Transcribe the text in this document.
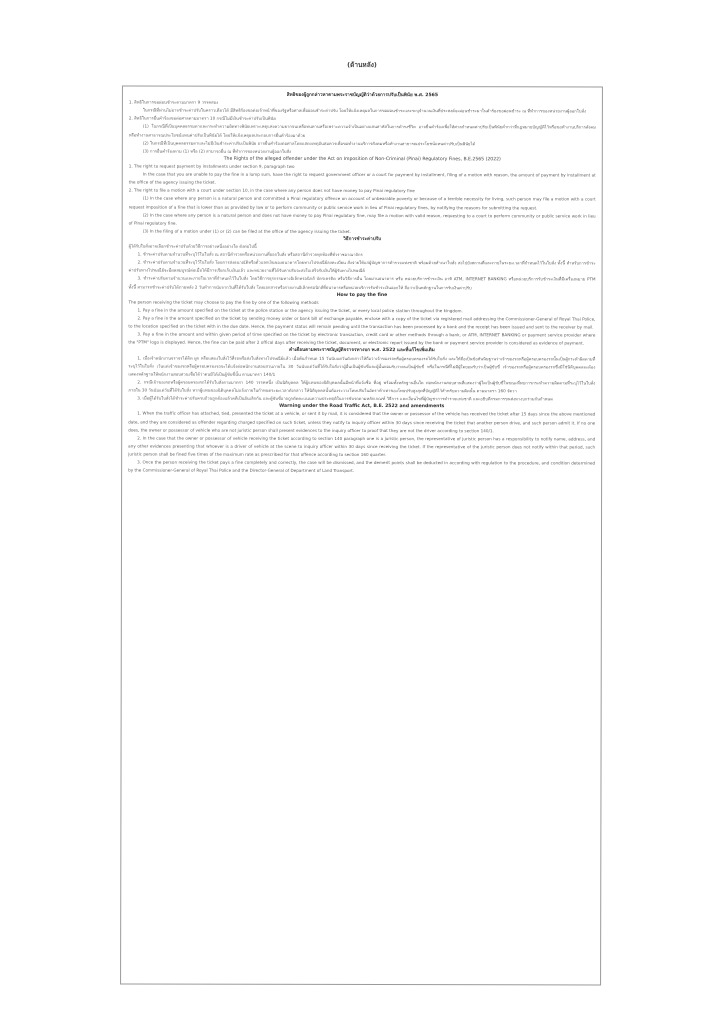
(ด้านหลัง)
สิทธิของผู้ถูกกล่าวหาตามพระราชบัญญัติว่าด้วยการปรับเป็นพินัย พ.ศ. 2565

1. สิทธิในการขอผ่อนชำระตามมาตรา 9 วรรคสอง

ในกรณีที่ท่านไม่อาจชำระค่าปรับในคราวเดียวได้ มีสิทธิร้องขอต่อเจ้าหน้าที่ของรัฐหรือศาลเพื่อผ่อนชำระค่าปรับ โดยให้แจ้งเหตุผลในการขอผ่อนชำระและระบุจำนวนเงินที่ประสงค์จะผ่อนชำระมาในคำร้องขอผ่อนชำระ ณ ที่ทำการของหน่วยงานผู้ออกใบสั่ง

2. สิทธิในการยื่นคำร้องขอต่อศาลตามมาตรา 10 กรณีไม่มีเงินชำระค่าปรับเป็นพินัย

(1) ในกรณีที่เป็นบุคคลธรรมดาและกระทำความผิดทางพินัยเพราะเหตุแห่งความยากจนเหลือทนทานหรือเพราะความจำเป็นอย่างแสนสาหัสในการดำรงชีวิต อาจยื่นคำร้องเพื่อให้ศาลกำหนดค่าปรับเป็นพินัยต่ำกว่าที่กฎหมายบัญญัติไว้หรือขอทำงานบริการสังคมหรือทำงานสาธารณประโยชน์แทนค่าปรับเป็นพินัยได้ โดยให้แจ้งเหตุผลประกอบการยื่นคำร้องมาด้วย

(2) ในกรณีที่เป็นบุคคลธรรมดาและไม่มีเงินชำระค่าปรับเป็นพินัย อาจยื่นคำร้องต่อศาลโดยแสดงเหตุอันสมควรเพื่อขอทำงานบริการสังคมหรือทำงานสาธารณประโยชน์แทนค่าปรับเป็นพินัยได้

(3) การยื่นคำร้องตาม (1) หรือ (2) สามารถยื่น ณ ที่ทำการของหน่วยงานผู้ออกใบสั่ง

The Rights of the alleged offender under the Act on Imposition of Non-Criminal (Pinai) Regulatory Fines, B.E.2565 (2022)

1. The right to request payment by installments under section 9, paragraph two

In the case that you are unable to pay the fine in a lump sum, have the right to request government officer or a court for payment by installment, filing of a motion with reason, the amount of payment by installment at the office of the agency issuing the ticket.

2. The right to file a motion with a court under section 10, in the case where any person does not have money to pay Pinai regulatory fine

(1) In the case where any person is a natural person and committed a Pinai regulatory offence on account of unbearable poverty or because of a terrible necessity for living, such person may file a motion with a court request imposition of a fine that is lower than as provided by law or to perform community or public service work in lieu of Pinai regulatory fines, by notifying the reasons for submitting the request.

(2) In the case where any person is a natural person and does not have money to pay Pinai regulatory fine, may file a motion with valid reason, requesting to a court to perform community or public service work in lieu of Pinai regulatory fine.

(3) In the filing of a motion under (1) or (2) can be filed at the office of the agency issuing the ticket.

วิธีการชำระค่าปรับ

ผู้ได้รับใบสั่งอาจเลือกชำระค่าปรับด้วยวิธีการอย่างหนึ่งอย่างใด ดังต่อไปนี้

1. ชำระค่าปรับตามจำนวนที่ระบุไว้ในใบสั่ง ณ สถานีตำรวจหรือหน่วยงานที่ออกใบสั่ง หรือสถานีตำรวจทุกท้องที่ทั่วราชอาณาจักร

2. ชำระค่าปรับตามจำนวนที่ระบุไว้ในใบสั่ง โดยการส่งธนาณัติหรือตั๋วแลกเงินของธนาคารโดยทางไปรษณีย์ลงทะเบียน สั่งจ่ายให้แก่ผู้บัญชาการตำรวจแห่งชาติ พร้อมด้วยสำเนาใบสั่ง ส่งไปยังสถานที่และภายในระยะเวลาที่กำหนดไว้ในใบสั่ง ทั้งนี้ สำหรับการชำระค่าปรับทางไปรษณีย์จะมีผลสมบูรณ์ต่อเมื่อได้มีการเรียกเก็บเงินแล้ว และหน่วยงานที่ได้รับค่าปรับจะส่งใบเสร็จรับเงินให้ผู้รับทางไปรษณีย์

3. ชำระค่าปรับตามจำนวนและภายในเวลาที่กำหนดไว้ในใบสั่ง โดยวิธีการธุรกรรมทางอิเล็กทรอนิกส์ บัตรเครดิต หรือวิธีการอื่น โดยผ่านธนาคาร หรือ หน่วยบริการชำระเงิน อาทิ ATM, INTERNET BANKING หรือหน่วยบริการรับชำระเงินที่มีเครื่องหมาย PTM ทั้งนี้ สามารถชำระค่าปรับได้ภายหลัง 2 วันทำการนับจากวันที่ได้รับใบสั่ง โดยเอกสารหรือรายงานอิเล็กทรอนิกส์ที่ธนาคารหรือหน่วยบริการรับชำระเงินออกให้ ถือว่าเป็นหลักฐานในการรับเงินค่าปรับ

How to pay the fine

The person receiving the ticket may choose to pay the fine by one of the following methods

1. Pay a fine in the amount specified on the ticket at the police station or the agency issuing the ticket, or every local police station throughout the kingdom.

2. Pay a fine in the amount specified on the ticket by sending money order or bank bill of exchange payable, enclose with a copy of the ticket via registered mail addressing the Commissioner-General of Royal Thai Police, to the location specified on the ticket with in the due date. Hence, the payment status will remain pending until the transaction has been processed by a bank and the receipt has been issued and sent to the receiver by mail.

3. Pay a fine in the amount and within given period of time specified on the ticket by electronic transaction, credit card or other methods through a bank, or ATM, INTERNET BANKING or payment service provider where the "PTM" logo is displayed. Hence, the fine can be paid after 2 offical days after receiving the ticket, document, or electronic report issued by the bank or payment service provider is considered as evidence of payment.

คำเตือนตามพระราชบัญญัติจราจรทางบก พ.ศ. 2522 และที่แก้ไขเพิ่มเติม

1. เมื่อเจ้าพนักงานจราจรได้ติด ผูก หรือแสดงใบสั่งไว้ที่รถหรือส่งใบสั่งทางไปรษณีย์แล้ว เมื่อพ้นกำหนด 15 วันนับแต่วันดังกล่าวให้ถือว่าเจ้าของรถหรือผู้ครอบครองรถได้รับใบสั่ง และให้ถือเป็นข้อสันนิษฐานว่าเจ้าของรถหรือผู้ครอบครองรถนั้นเป็นผู้กระทำผิดตามที่ระบุไว้ในใบสั่ง เว้นแต่เจ้าของรถหรือผู้ครอบครองรถจะได้แจ้งต่อพนักงานสอบสวนภายใน 30 วันนับแต่วันที่ได้รับใบสั่งว่าผู้อื่นเป็นผู้ขับขี่และผู้นั้นยอมรับว่าตนเป็นผู้ขับขี่ หรือในกรณีที่ไม่มีผู้ใดยอมรับว่าเป็นผู้ขับขี่ เจ้าของรถหรือผู้ครอบครองรถซึ่งมิใช่นิติบุคคลจะต้องแสดงหลักฐานให้พนักงานสอบสวนเชื่อได้ว่าตนมิได้เป็นผู้ขับขี่นั้น ตามมาตรา 140/1

2. กรณีเจ้าของรถหรือผู้ครอบครองรถได้รับใบสั่งตามมาตรา 140 วรรคหนึ่ง เป็นนิติบุคคล ให้ผู้แทนของนิติบุคคลนั้นมีหน้าที่แจ้งชื่อ ที่อยู่ พร้อมทั้งหลักฐานอื่นใด ต่อพนักงานสอบสวนที่แสดงว่าผู้ใดเป็นผู้ขับขี่ในขณะที่พบการกระทำความผิดตามที่ระบุไว้ในใบสั่งภายใน 30 วันนับแต่วันที่ได้รับใบสั่ง หากผู้แทนของนิติบุคคลไม่แจ้งภายในกำหนดระยะเวลาดังกล่าว ให้นิติบุคคลนั้นต้องระวางโทษปรับในอัตราห้าเท่าของโทษปรับสูงสุดที่บัญญัติไว้สำหรับความผิดนั้น ตามมาตรา 160 จัตวา

3. เมื่อผู้ได้รับใบสั่งได้ชำระค่าปรับครบถ้วนถูกต้องแล้วคดีเป็นอันเลิกกัน และผู้ขับขี่อาจถูกตัดคะแนนความประพฤติในการขับรถตามหลักเกณฑ์ วิธีการ และเงื่อนไขที่ผู้บัญชาการตำรวจแห่งชาติ และอธิบดีกรมการขนส่งทางบกร่วมกันกำหนด

Warning under the Road Traffic Act, B.E. 2522 and amendments

1. When the traffic officer has attached, tied, presented the ticket at a vehicle, or sent it by mail, it is considered that the owner or possessor of the vehicle has received the ticket after 15 days since the above mentioned date, and they are considered as offender regarding charged specified on such ticket, unless they notify to inquiry officer within 30 days since receiving the ticket that another person drive, and such person admit it. If no one does, the owner or possessor of vehicle who are not juristic person shall present evidences to the inquiry officer to proof that they are not the driver according to section 140/1.

2. In the case that the owner or possessor of vehicle receiving the ticket according to section 140 paragraph one is a juristic person, the representative of juristic person has a responsibility to notify name, address, and any other evidences presenting that whoever is a driver of vehicle at the scene to inquiry officer within 30 days since receiving the ticket. If the representative of the juristic person does not notify within that period, such juristic person shall be fined five times of the maximum rate as prescribed for that offence according to section 160 quarter.

3. Once the person receiving the ticket pays a fine completely and correctly, the case will be dismissed, and the demerit points shall be deducted in according with regulation to the procedure, and condition determined by the Commissioner-General of Royal Thai Police and the Director-General of Department of Land Transport.
